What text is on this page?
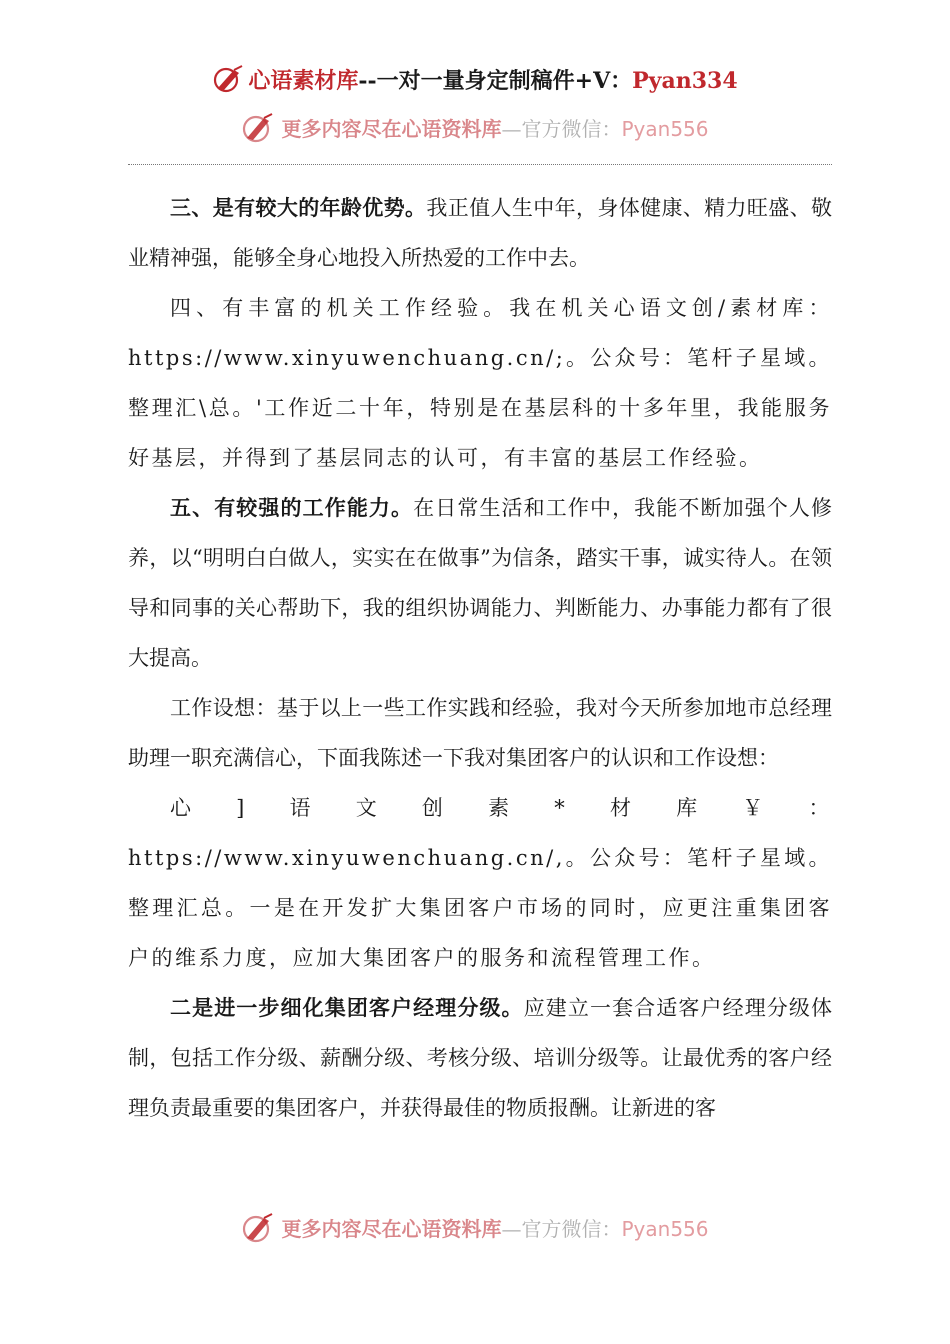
心语素材库--一对一量身定制稿件+V：Pyan334
更多内容尽在心语资料库—官方微信：Pyan556

三、是有较大的年龄优势。我正值人生中年，身体健康、精力旺盛、敬业精神强，能够全身心地投入所热爱的工作中去。

四、有丰富的机关工作经验。我在机关心语文创/素材库：https://www.xinyuwenchuang.cn/;。公众号：笔杆子星域。整理汇\总。'工作近二十年，特别是在基层科的十多年里，我能服务好基层，并得到了基层同志的认可，有丰富的基层工作经验。

五、有较强的工作能力。在日常生活和工作中，我能不断加强个人修养，以“明明白白做人，实实在在做事”为信条，踏实干事，诚实待人。在领导和同事的关心帮助下，我的组织协调能力、判断能力、办事能力都有了很大提高。

工作设想：基于以上一些工作实践和经验，我对今天所参加地市总经理助理一职充满信心，下面我陈述一下我对集团客户的认识和工作设想：

心]语文创素*材库￥：https://www.xinyuwenchuang.cn/,。公众号：笔杆子星域。整理汇总。一是在开发扩大集团客户市场的同时，应更注重集团客户的维系力度，应加大集团客户的服务和流程管理工作。

二是进一步细化集团客户经理分级。应建立一套合适客户经理分级体制，包括工作分级、薪酬分级、考核分级、培训分级等。让最优秀的客户经理负责最重要的集团客户，并获得最佳的物质报酬。让新进的客

更多内容尽在心语资料库—官方微信：Pyan556
